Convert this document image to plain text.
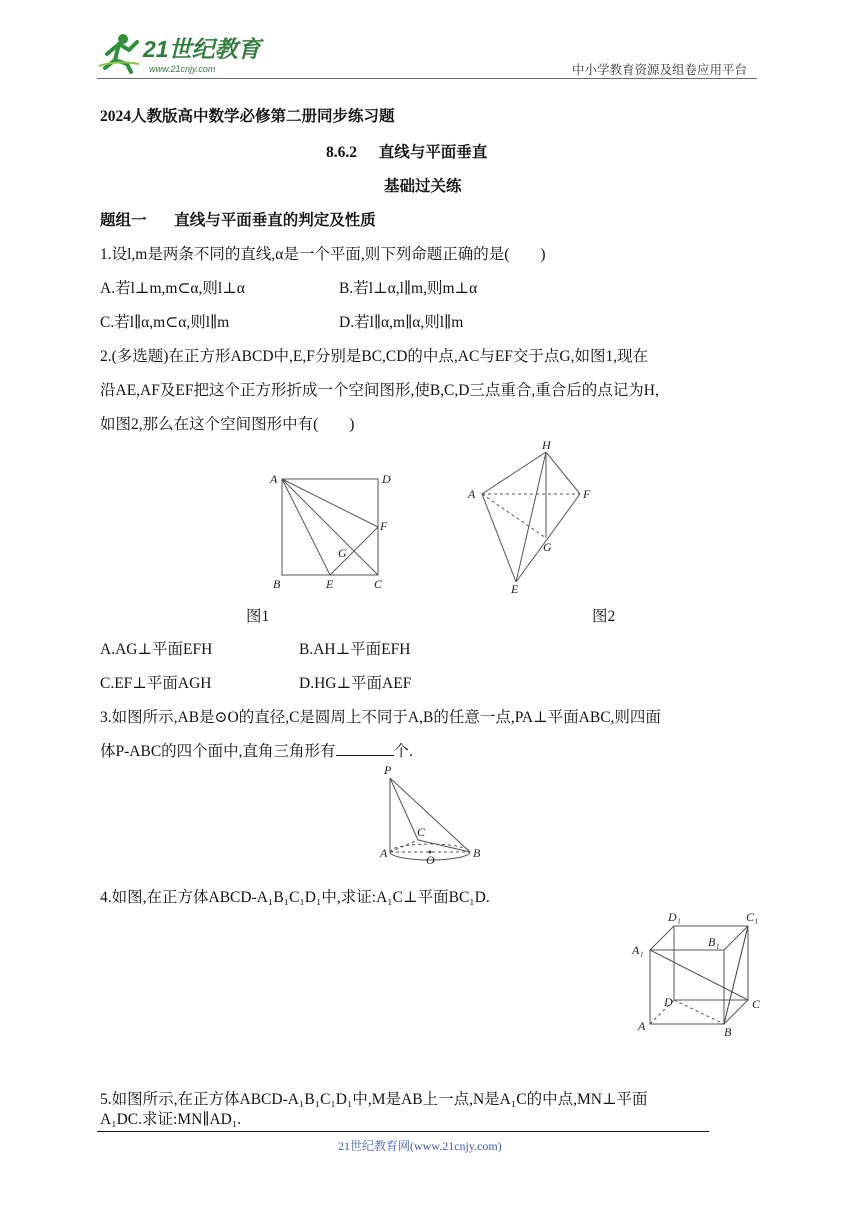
21世纪教育
www.21cnjy.com	中小学教育资源及组卷应用平台
2024人教版高中数学必修第二册同步练习题
8.6.2 直线与平面垂直
基础过关练
题组一 直线与平面垂直的判定及性质
1.设l,m是两条不同的直线,α是一个平面,则下列命题正确的是(　　)
A.若l⊥m,m⊂α,则l⊥α	B.若l⊥α,l∥m,则m⊥α
C.若l∥α,m⊂α,则l∥m	D.若l∥α,m∥α,则l∥m
2.(多选题)在正方形ABCD中,E,F分别是BC,CD的中点,AC与EF交于点G,如图1,现在
沿AE,AF及EF把这个正方形折成一个空间图形,使B,C,D三点重合,重合后的点记为H,
如图2,那么在这个空间图形中有(　　)
A	D
B	C
E
F
G
图1
H
A	F
G
E
图2
A.AG⊥平面EFH	B.AH⊥平面EFH
C.EF⊥平面AGH	D.HG⊥平面AEF
3.如图所示,AB是⊙O的直径,C是圆周上不同于A,B的任意一点,PA⊥平面ABC,则四面
体P-ABC的四个面中,直角三角形有	个.
P
C
A	O	B
4.如图,在正方体ABCD-A₁B₁C₁D₁中,求证:A₁C⊥平面BC₁D.
D₁	C₁
A₁
B₁
D	C
A	B
5.如图所示,在正方体ABCD-A₁B₁C₁D₁中,M是AB上一点,N是A₁C的中点,MN⊥平面
A₁DC.求证:MN∥AD₁.
21世纪教育网(www.21cnjy.com)
